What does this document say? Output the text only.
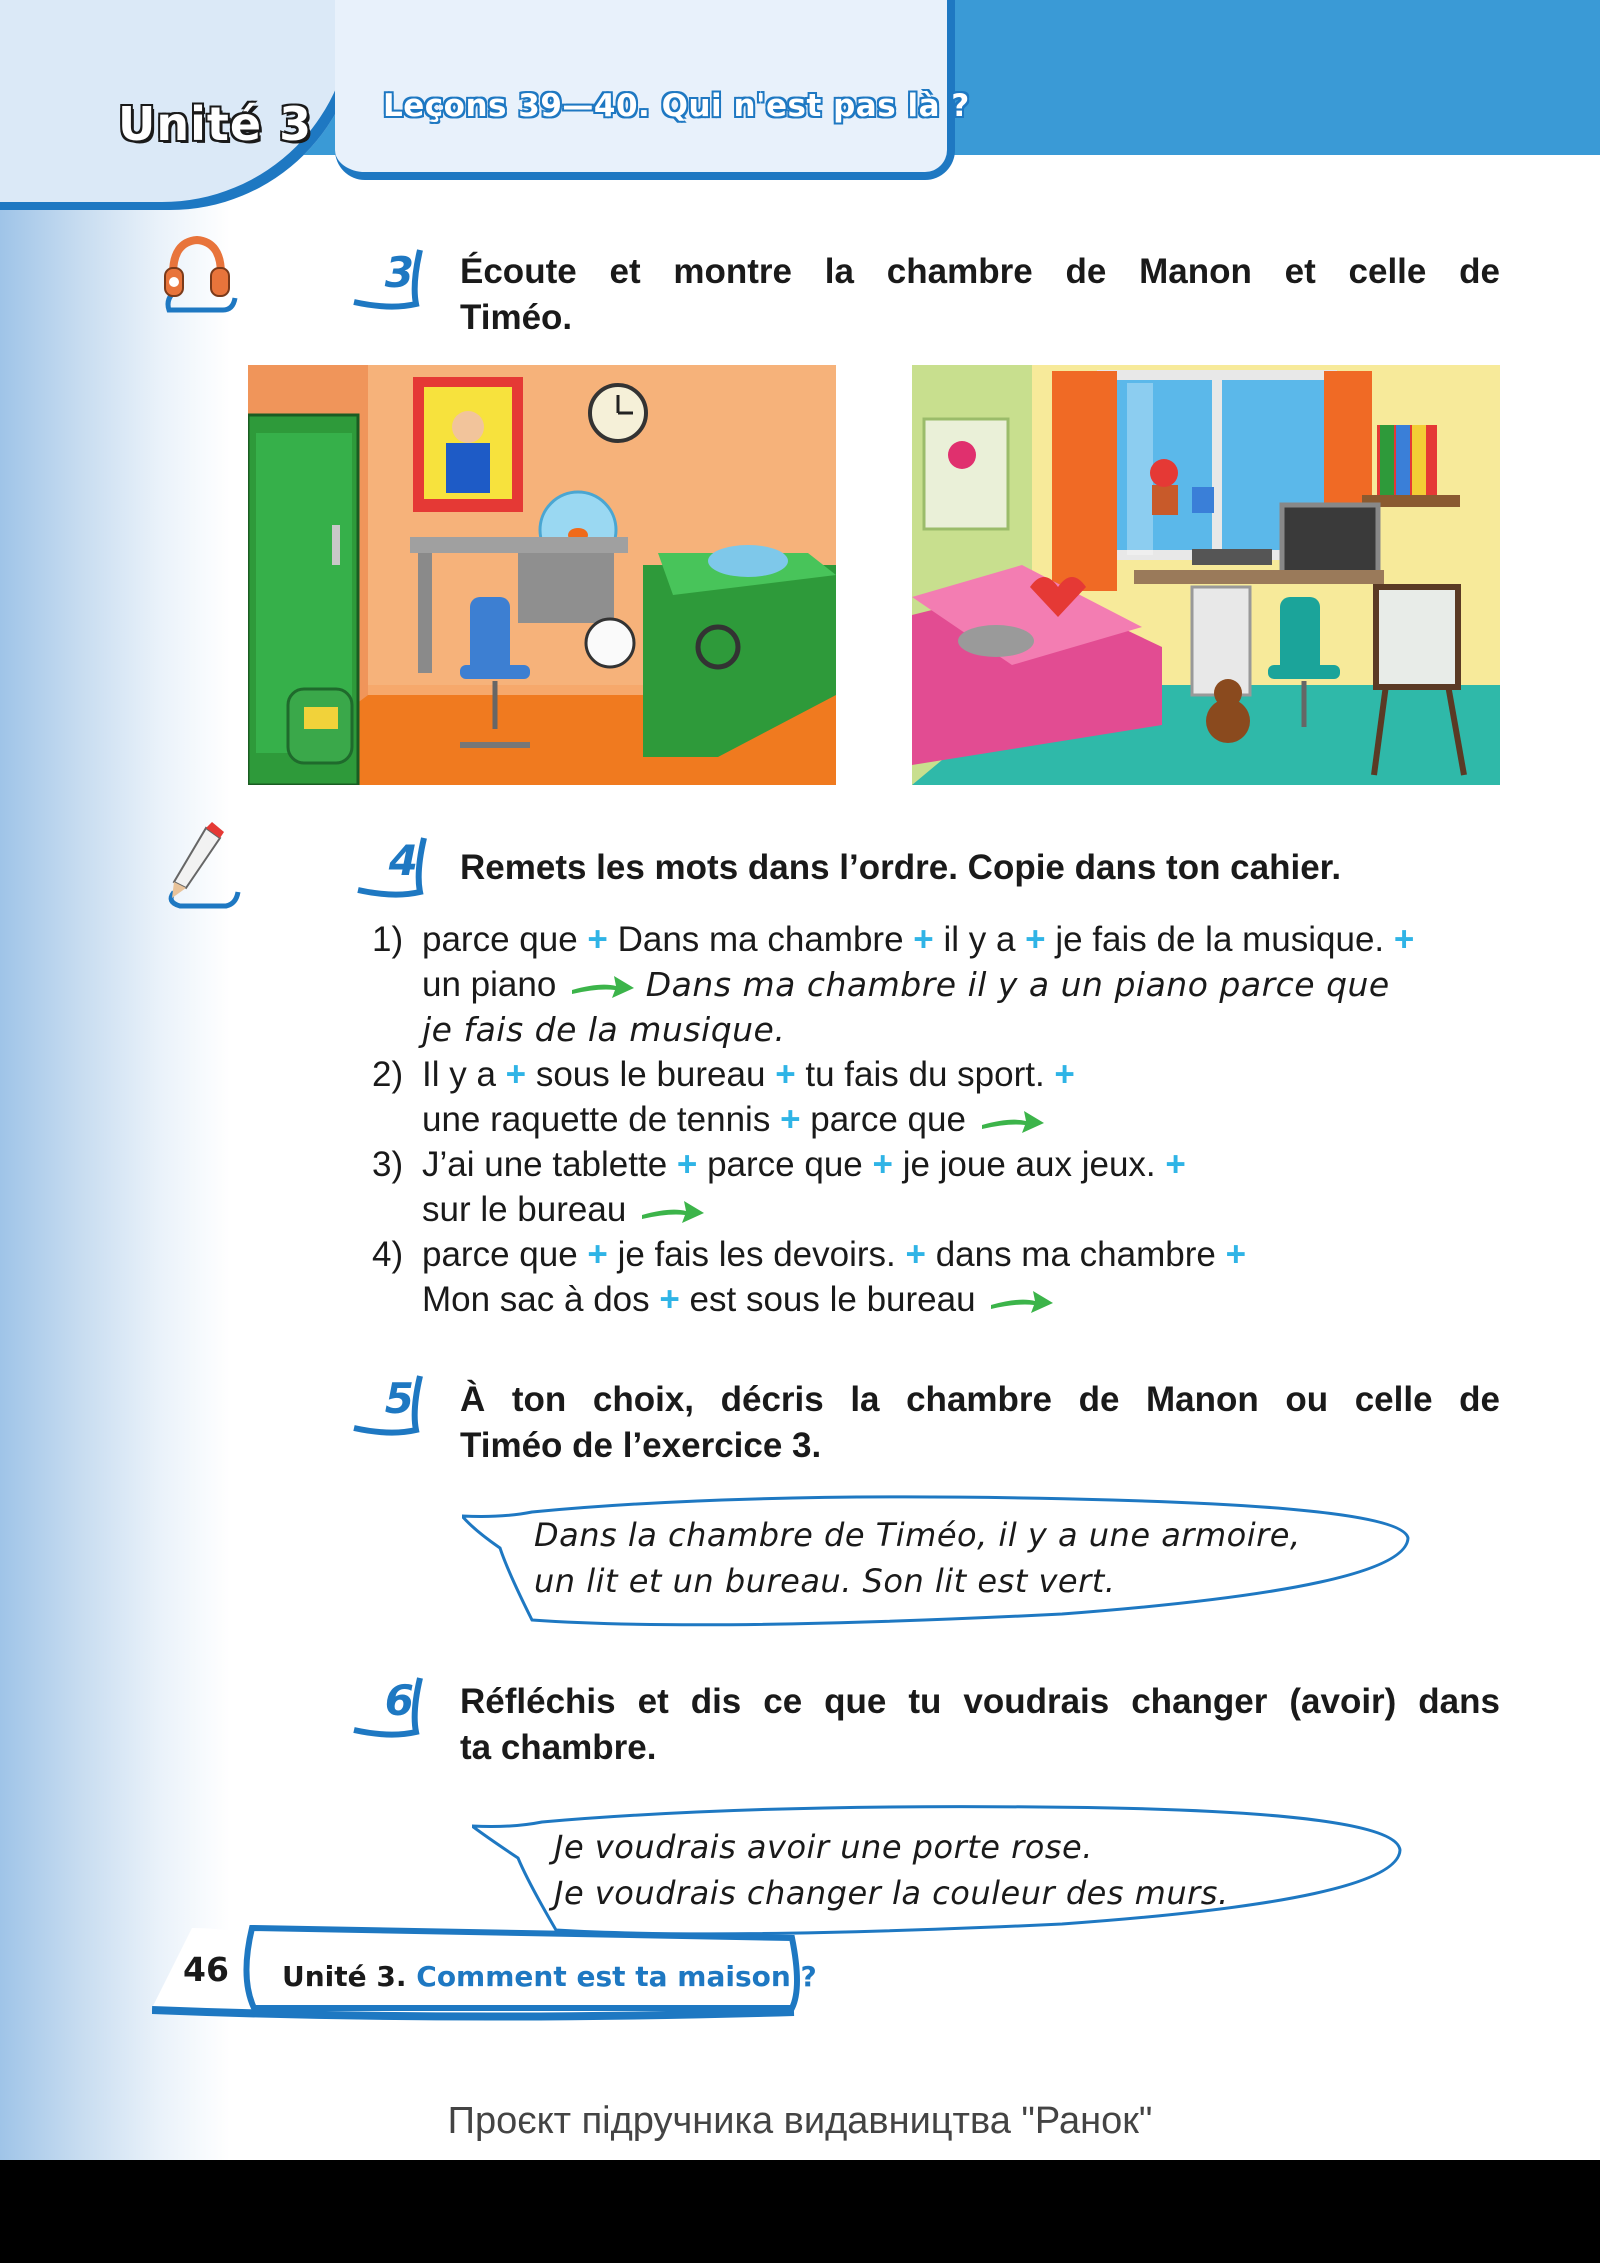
Unité 3 Leçons 39—40. Qui n'est pas là ?
3 Écoute et montre la chambre de Manon et celle de
Timéo.
4 Remets les mots dans l’ordre. Copie dans ton cahier.
1) parce que + Dans ma chambre + il y a + je fais de la musique. +
un piano	Dans ma chambre il y a un piano parce que
je fais de la musique.
2) Il y a + sous le bureau + tu fais du sport. +
une raquette de tennis + parce que
3) J’ai une tablette + parce que + je joue aux jeux. +
sur le bureau
4) parce que + je fais les devoirs. + dans ma chambre +
Mon sac à dos + est sous le bureau
5 À ton choix, décris la chambre de Manon ou celle de
Timéo de l’exercice 3.
Dans la chambre de Timéo, il y a une armoire,
un lit et un bureau. Son lit est vert.
6 Réfléchis et dis ce que tu voudrais changer (avoir) dans
ta chambre.
Je voudrais avoir une porte rose.
Je voudrais changer la couleur des murs.
46 Unité 3. Comment est ta maison ?
Проєкт підручника видавництва "Ранок"
